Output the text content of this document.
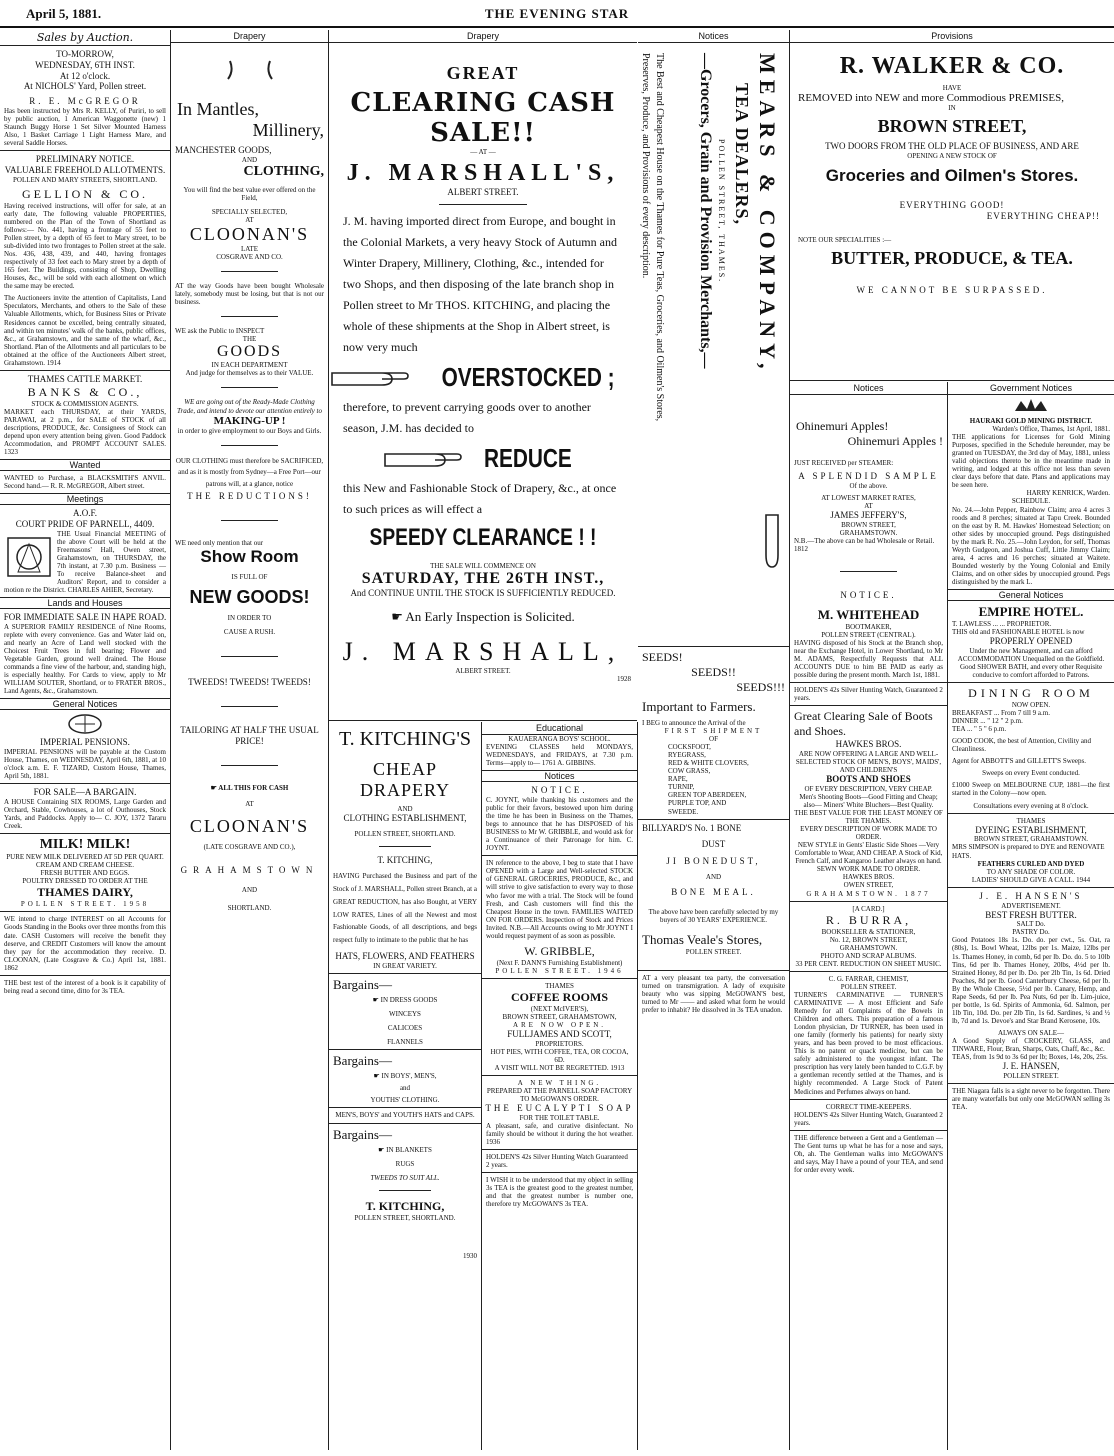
April 5, 1881.	THE EVENING STAR
Sales by Auction.
TO-MORROW,
WEDNESDAY, 6TH INST.
At 12 o'clock.
At NICHOLS' Yard, Pollen street.
R. E. McGREGOR
Has been instructed by Mrs R. KELLY, of Puriri, to sell by public auction, 1 American Waggonette (new) 1 Staunch Buggy Horse 1 Set Silver Mounted Harness Also, 1 Basket Carriage 1 Light Harness Mare, and several Saddle Horses.
PRELIMINARY NOTICE.
VALUABLE FREEHOLD ALLOTMENTS.
POLLEN AND MARY STREETS, SHORTLAND.
GELLION & CO.
Having received instructions, will offer for sale, at an early date, The following valuable PROPERTIES, numbered on the Plan of the Town of Shortland as follows:— No. 441, having a frontage of 55 feet to Pollen street, by a depth of 65 feet to Mary street, to be sub-divided into two frontages to Pollen street at the sale. Nos. 436, 438, 439, and 440, having frontages respectively of 33 feet each to Mary street by a depth of 165 feet. The Buildings, consisting of Shop, Dwelling Houses, &c., will be sold with each allotment on which the same may be erected.
The Auctioneers invite the attention of Capitalists, Land Speculators, Merchants, and others to the Sale of these Valuable Allotments, which, for Business Sites or Private Residences cannot be excelled, being centrally situated, and within ten minutes' walk of the banks, public offices, &c., at Grahamstown, and the same of the wharf, &c., Shortland. Plan of the Allotments and all particulars to be obtained at the office of the Auctioneers Albert street, Grahamstown. 1914
THAMES CATTLE MARKET.
BANKS & CO.,
STOCK & COMMISSION AGENTS.
MARKET each THURSDAY, at their YARDS, PARAWAI, at 2 p.m., for SALE of STOCK of all descriptions, PRODUCE, &c. Consignees of Stock can depend upon every attention being given. Good Paddock Accommodation, and PROMPT ACCOUNT SALES. 1323
Wanted
WANTED to Purchase, a BLACKSMITH'S ANVIL. Second hand.— R. R. McGREGOR, Albert street.
Meetings
A.O.F.
COURT PRIDE OF PARNELL, 4409.
THE Usual Financial MEETING of the above Court will be held at the Freemasons' Hall, Owen street, Grahamstown, on THURSDAY, the 7th instant, at 7.30 p.m. Business — To receive Balance-sheet and Auditors' Report, and to consider a motion re the District. CHARLES AHIER, Secretary.
Lands and Houses
FOR IMMEDIATE SALE IN HAPE ROAD.
A SUPERIOR FAMILY RESIDENCE of Nine Rooms, replete with every convenience. Gas and Water laid on, and nearly an Acre of Land well stocked with the Choicest Fruit Trees in full bearing; Flower and Vegetable Garden, ground well drained. The House commands a fine view of the harbour, and, standing high, is especially healthy. For Cards to view, apply to Mr WILLIAM SOUTER, Shortland, or to FRATER BROS., Land Agents, &c., Grahamstown.
General Notices
IMPERIAL PENSIONS.
IMPERIAL PENSIONS will be payable at the Custom House, Thames, on WEDNESDAY, April 6th, 1881, at 10 o'clock a.m. E. F. TIZARD, Custom House, Thames, April 5th, 1881.
FOR SALE—A BARGAIN.
A HOUSE Containing SIX ROOMS, Large Garden and Orchard, Stable, Cowhouses, a lot of Outhouses, Stock Yards, and Paddocks. Apply to— C. JOY, 1372 Tararu Creek.
MILK! MILK!
PURE NEW MILK DELIVERED AT 5D PER QUART.
CREAM AND CREAM CHEESE.
FRESH BUTTER AND EGGS.
POULTRY DRESSED TO ORDER AT THE
THAMES DAIRY,
POLLEN STREET. 1958
WE intend to charge INTEREST on all Accounts for Goods Standing in the Books over three months from this date. CASH Customers will receive the benefit they deserve, and CREDIT Customers will know the amount they pay for the accommodation they receive. D. CLOONAN, (Late Cosgrave & Co.) April 1st, 1881. 1862
THE best test of the interest of a book is it capability of being read a second time, ditto for 3s TEA.
Drapery
In Mantles,
Millinery,
MANCHESTER GOODS,
AND
CLOTHING,
You will find the best value ever offered on the Field,
SPECIALLY SELECTED,
AT
CLOONAN'S
LATE
COSGRAVE AND CO.
AT the way Goods have been bought Wholesale lately, somebody must be losing, but that is not our business.
WE ask the Public to INSPECT
THE
GOODS
IN EACH DEPARTMENT
And judge for themselves as to their VALUE.
WE are going out of the Ready-Made Clothing Trade, and intend to devote our attention entirely to
MAKING-UP !
in order to give employment to our Boys and Girls.
OUR CLOTHING must therefore be SACRIFICED, and as it is mostly from Sydney—a Free Port—our patrons will, at a glance, notice
THE REDUCTIONS!
WE need only mention that our
Show Room
IS FULL OF
NEW GOODS!
IN ORDER TO
CAUSE A RUSH.
TWEEDS! TWEEDS! TWEEDS!
TAILORING AT HALF THE USUAL PRICE!
☛ ALL THIS FOR CASH
AT
CLOONAN'S
(LATE COSGRAVE AND CO.),
GRAHAMSTOWN
AND
SHORTLAND.
Drapery
GREAT
CLEARING CASH SALE!!
— AT —
J. MARSHALL'S,
ALBERT STREET.
J. M. having imported direct from Europe, and bought in the Colonial Markets, a very heavy Stock of Autumn and Winter Drapery, Millinery, Clothing, &c., intended for two Shops, and then disposing of the late branch shop in Pollen street to Mr THOS. KITCHING, and placing the whole of these shipments at the Shop in Albert street, is now very much
OVERSTOCKED ;
therefore, to prevent carrying goods over to another season, J.M. has decided to
REDUCE
this New and Fashionable Stock of Drapery, &c., at once to such prices as will effect a
SPEEDY CLEARANCE ! !
THE SALE WILL COMMENCE ON
SATURDAY, THE 26TH INST.,
And CONTINUE UNTIL THE STOCK IS SUFFICIENTLY REDUCED.
☛ An Early Inspection is Solicited.
J. MARSHALL,
ALBERT STREET.
1928
T. KITCHING'S
CHEAP DRAPERY
AND
CLOTHING ESTABLISHMENT,
POLLEN STREET, SHORTLAND.
T. KITCHING,
HAVING Purchased the Business and part of the Stock of J. MARSHALL, Pollen street Branch, at a GREAT REDUCTION, has also Bought, at VERY LOW RATES, Lines of all the Newest and most Fashionable Goods, of all descriptions, and begs respect fully to intimate to the public that he has
HATS, FLOWERS, AND FEATHERS
IN GREAT VARIETY.
Bargains—
☛ IN DRESS GOODS
WINCEYS
CALICOES
FLANNELS
Bargains—
☛ IN BOYS', MEN'S,
and
YOUTHS' CLOTHING.
MEN'S, BOYS' and YOUTH'S HATS and CAPS.
Bargains—
☛ IN BLANKETS
RUGS
TWEEDS TO SUIT ALL.
T. KITCHING,
POLLEN STREET, SHORTLAND.
1930
Educational
KAUAERANGA BOYS' SCHOOL.
EVENING CLASSES held MONDAYS, WEDNESDAYS, and FRIDAYS, at 7.30 p.m. Terms—apply to— 1761 A. GIBBINS.
Notices
NOTICE.
C. JOYNT, while thanking his customers and the public for their favors, bestowed upon him during the time he has been in Business on the Thames, begs to announce that he has DISPOSED of his BUSINESS to Mr W. GRIBBLE, and would ask for a Continuance of their Patronage for him. C. JOYNT.
IN reference to the above, I beg to state that I have OPENED with a Large and Well-selected STOCK of GENERAL GROCERIES, PRODUCE, &c., and will strive to give satisfaction to every way to those who favor me with a trial. The Stock will be found Fresh, and Cash customers will find this the Cheapest House in the town. FAMILIES WAITED ON FOR ORDERS. Inspection of Stock and Prices Invited. N.B.—All Accounts owing to Mr JOYNT I would request payment of as soon as possible.
W. GRIBBLE,
(Next F. DANN'S Furnishing Establishment)
POLLEN STREET. 1946
THAMES
COFFEE ROOMS
(NEXT McIVER'S),
BROWN STREET, GRAHAMSTOWN,
ARE NOW OPEN.
FULLJAMES AND SCOTT,
PROPRIETORS.
HOT PIES, WITH COFFEE, TEA, OR COCOA, 6D.
A VISIT WILL NOT BE REGRETTED. 1913
A NEW THING.
PREPARED AT THE PARNELL SOAP FACTORY TO McGOWAN'S ORDER.
THE EUCALYPTI SOAP
FOR THE TOILET TABLE.
A pleasant, safe, and curative disinfectant. No family should be without it during the hot weather. 1936
HOLDEN'S 42s Silver Hunting Watch Guaranteed 2 years.
I WISH it to be understood that my object in selling 3s TEA is the greatest good to the greatest number, and that the greatest number is number one, therefore try McGOWAN'S 3s TEA.
Notices
MEARS & COMPANY,
TEA DEALERS,
POLLEN STREET, THAMES.
—Grocers, Grain and Provision Merchants,—
The Best and Cheapest House on the Thames for Pure Teas, Groceries, and Oilmen's Stores, Preserves, Produce, and Provisions of every description.
SEEDS!
SEEDS!!
SEEDS!!!
Important to Farmers.
I BEG to announce the Arrival of the
FIRST SHIPMENT
OF
COCKSFOOT,
RYEGRASS,
RED & WHITE CLOVERS,
COW GRASS,
RAPE,
TURNIP,
GREEN TOP ABERDEEN,
PURPLE TOP, AND
SWEEDE.
BILLYARD'S No. 1 BONE
DUST
JI BONEDUST,
AND
BONE MEAL.
The above have been carefully selected by my buyers of 30 YEARS' EXPERIENCE.
Thomas Veale's Stores,
POLLEN STREET.
AT a very pleasant tea party, the conversation turned on transmigration. A lady of exquisite beauty who was sipping McGOWAN'S best, turned to Mr —— and asked what form he would prefer to inhabit? He dissolved in 3s TEA unadon.
Provisions
R. WALKER & CO.
HAVE
REMOVED into NEW and more Commodious PREMISES,
IN
BROWN STREET,
TWO DOORS FROM THE OLD PLACE OF BUSINESS, AND ARE
OPENING A NEW STOCK OF
Groceries and Oilmen's Stores.
EVERYTHING GOOD!
EVERYTHING CHEAP!!
NOTE OUR SPECIALITIES :—
BUTTER, PRODUCE, & TEA.
WE CANNOT BE SURPASSED.
Notices
Ohinemuri Apples!
Ohinemuri Apples !
JUST RECEIVED per STEAMER:
A SPLENDID SAMPLE
Of the above.
AT LOWEST MARKET RATES,
AT
JAMES JEFFERY'S,
BROWN STREET,
GRAHAMSTOWN.
N.B.—The above can be had Wholesale or Retail. 1812
NOTICE.
M. WHITEHEAD
BOOTMAKER,
POLLEN STREET (CENTRAL).
HAVING disposed of his Stock at the Branch shop, near the Exchange Hotel, in Lower Shortland, to Mr M. ADAMS, Respectfully Requests that ALL ACCOUNTS DUE to him BE PAID as early as possible during the present month. March 1st, 1881.
HOLDEN'S 42s Silver Hunting Watch, Guaranteed 2 years.
Great Clearing Sale of Boots and Shoes.
HAWKES BROS.
ARE NOW OFFERING A LARGE AND WELL-SELECTED STOCK OF MEN'S, BOYS', MAIDS', AND CHILDREN'S
BOOTS AND SHOES
OF EVERY DESCRIPTION, VERY CHEAP.
Men's Shooting Boots—Good Fitting and Cheap; also— Miners' White Bluchers—Best Quality.
THE BEST VALUE FOR THE LEAST MONEY OF THE THAMES.
EVERY DESCRIPTION OF WORK MADE TO ORDER.
NEW STYLE in Gents' Elastic Side Shoes —Very Comfortable to Wear, AND CHEAP. A Stock of Kid, French Calf, and Kangaroo Leather always on hand.
SEWN WORK MADE TO ORDER.
HAWKES BROS.
OWEN STREET,
GRAHAMSTOWN. 1877
[A CARD.]
R. BURRA,
BOOKSELLER & STATIONER,
No. 12, BROWN STREET,
GRAHAMSTOWN.
PHOTO AND SCRAP ALBUMS.
33 PER CENT. REDUCTION ON SHEET MUSIC.
C. G. FARRAR, CHEMIST,
POLLEN STREET.
TURNER'S CARMINATIVE — TURNER'S CARMINATIVE — A most Efficient and Safe Remedy for all Complaints of the Bowels in Children and others. This preparation of a famous London physician, Dr TURNER, has been used in one family (formerly his patients) for nearly sixty years, and has been proved to be most efficacious. This is no patent or quack medicine, but can be safely administered to the youngest infant. The prescription has very lately been handed to C.G.F. by a gentleman recently settled at the Thames, and is highly recommended. A Large Stock of Patent Medicines and Perfumes always on hand.
CORRECT TIME-KEEPERS.
HOLDEN'S 42s Silver Hunting Watch, Guaranteed 2 years.
THE difference between a Gent and a Gentleman — The Gent turns up what he has for a nose and says, Oh, ah. The Gentleman walks into McGOWAN'S and says, May I have a pound of your TEA, and send for order every week.
Government Notices
HAURAKI GOLD MINING DISTRICT.
Warden's Office, Thames, 1st April, 1881.
THE applications for Licenses for Gold Mining Purposes, specified in the Schedule hereunder, may be granted on TUESDAY, the 3rd day of May, 1881, unless valid objections thereto be in the meantime made in writing, and lodged at this office not less than seven clear days before that date. Plans and applications may be seen here.
HARRY KENRICK, Warden.
SCHEDULE.
No. 24.—John Pepper, Rainbow Claim; area 4 acres 3 roods and 8 perches; situated at Tapu Creek. Bounded on the east by R. M. Hawkes' Homestead Selection; on other sides by unoccupied ground. Pegs distinguished by the mark R. No. 25.—John Leydon, for self, Thomas Weyth Gudgeon, and Joshua Cuff, Little Jimmy Claim; area, 4 acres and 16 perches; situated at Waitete. Bounded westerly by the Young Colonial and Emily Claims, and on other sides by unoccupied ground. Pegs distinguished by the mark L.
General Notices
EMPIRE HOTEL.
T. LAWLESS ... ... PROPRIETOR.
THIS old and FASHIONABLE HOTEL is now
PROPERLY OPENED
Under the new Management, and can afford ACCOMMODATION Unequalled on the Goldfield.
Good SHOWER BATH, and every other Requisite conducive to comfort afforded to Patrons.
DINING ROOM
NOW OPEN.
BREAKFAST ... From 7 till 9 a.m.
DINNER ... " 12 " 2 p.m.
TEA ... " 5 " 6 p.m.
GOOD COOK, the best of Attention, Civility and Cleanliness.
Agent for ABBOTT'S and GILLETT'S Sweeps.
Sweeps on every Event conducted.
£1000 Sweep on MELBOURNE CUP, 1881—the first started in the Colony—now open.
Consultations every evening at 8 o'clock.
THAMES
DYEING ESTABLISHMENT,
BROWN STREET, GRAHAMSTOWN.
MRS SIMPSON is prepared to DYE and RENOVATE HATS.
FEATHERS CURLED AND DYED
TO ANY SHADE OF COLOR.
LADIES' SHOULD GIVE A CALL. 1944
J. E. HANSEN'S
ADVERTISEMENT.
BEST FRESH BUTTER.
SALT Do.
PASTRY Do.
Good Potatoes 18s 1s. Do. do. per cwt., 5s. Oat, ra (80s), 1s. Bowl Wheat, 12lbs per 1s. Maize, 12lbs per 1s. Thames Honey, in comb, 6d per lb. Do. do. 5 to 10lb Tins, 6d per lb. Thames Honey, 20lbs, 4½d per lb. Strained Honey, 8d per lb. Do. per 2lb Tin, 1s 6d. Dried Peaches, 8d per lb. Good Canterbury Cheese, 6d per lb. By the Whole Cheese, 5½d per lb. Canary, Hemp, and Rape Seeds, 6d per lb. Pea Nuts, 6d per lb. Lim-juice, per bottle, 1s 6d. Spirits of Ammonia, 6d. Salmon, per 1lb Tin, 10d. Do. per 2lb Tin, 1s 6d. Sardines, ¼ and ½ lb, 7d and 1s. Devoe's and Star Brand Kerosene, 10s.
ALWAYS ON SALE—
A Good Supply of CROCKERY, GLASS, and TINWARE, Flour, Bran, Sharps, Oats, Chaff, &c., &c.
TEAS, from 1s 9d to 3s 6d per lb; Boxes, 14s, 20s, 25s.
J. E. HANSEN,
POLLEN STREET.
THE Niagara falls is a sight never to be forgotten. There are many waterfalls but only one McGOWAN selling 3s TEA.
